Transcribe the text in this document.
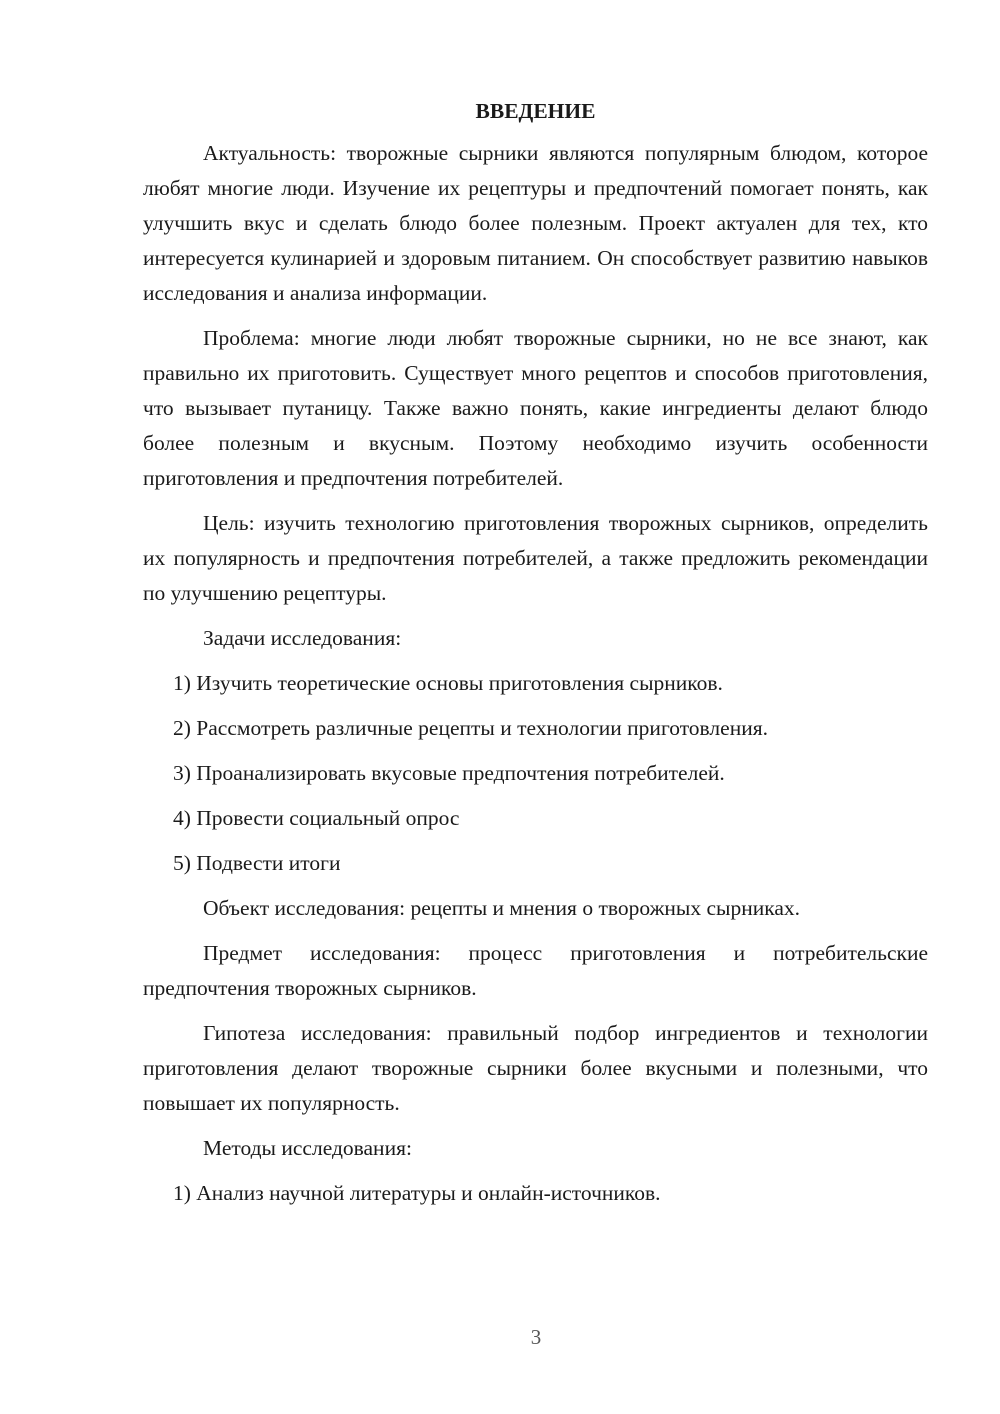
ВВЕДЕНИЕ

Актуальность: творожные сырники являются популярным блюдом, которое любят многие люди. Изучение их рецептуры и предпочтений помогает понять, как улучшить вкус и сделать блюдо более полезным. Проект актуален для тех, кто интересуется кулинарией и здоровым питанием. Он способствует развитию навыков исследования и анализа информации.

Проблема: многие люди любят творожные сырники, но не все знают, как правильно их приготовить. Существует много рецептов и способов приготовления, что вызывает путаницу. Также важно понять, какие ингредиенты делают блюдо более полезным и вкусным. Поэтому необходимо изучить особенности приготовления и предпочтения потребителей.

Цель: изучить технологию приготовления творожных сырников, определить их популярность и предпочтения потребителей, а также предложить рекомендации по улучшению рецептуры.

Задачи исследования:

1) Изучить теоретические основы приготовления сырников.
2) Рассмотреть различные рецепты и технологии приготовления.
3) Проанализировать вкусовые предпочтения потребителей.
4) Провести социальный опрос
5) Подвести итоги

Объект исследования: рецепты и мнения о творожных сырниках.

Предмет исследования: процесс приготовления и потребительские предпочтения творожных сырников.

Гипотеза исследования: правильный подбор ингредиентов и технологии приготовления делают творожные сырники более вкусными и полезными, что повышает их популярность.

Методы исследования:

1) Анализ научной литературы и онлайн-источников.
3
